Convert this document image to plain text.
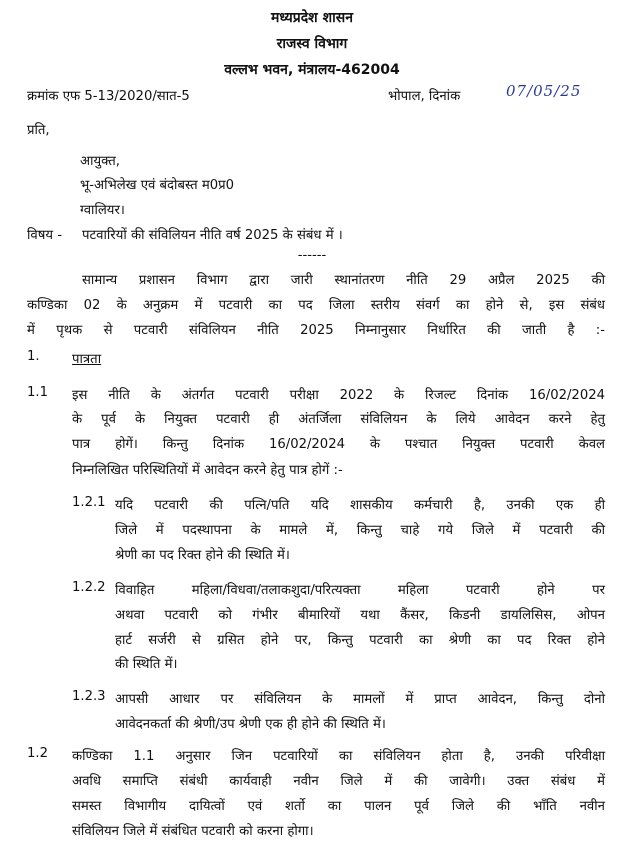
मध्यप्रदेश शासन
राजस्व विभाग
वल्लभ भवन, मंत्रालय-462004
क्रमांक एफ 5-13/2020/सात-5	भोपाल, दिनांक	07/05/25
प्रति,
आयुक्त,
भू-अभिलेख एवं बंदोबस्त म0प्र0
ग्वालियर।
विषय - पटवारियों की संविलियन नीति वर्ष 2025 के संबंध में ।
------
सामान्य प्रशासन विभाग द्वारा जारी स्थानांतरण नीति 29 अप्रैल 2025 की
कण्डिका 02 के अनुक्रम में पटवारी का पद जिला स्तरीय संवर्ग का होने से, इस संबंध
में पृथक से पटवारी संविलियन नीति 2025 निम्नानुसार निर्धारित की जाती है :-
1. पात्रता
1.1 इस नीति के अंतर्गत पटवारी परीक्षा 2022 के रिजल्ट दिनांक 16/02/2024
के पूर्व के नियुक्त पटवारी ही अंतर्जिला संविलियन के लिये आवेदन करने हेतु
पात्र होगें। किन्तु दिनांक 16/02/2024 के पश्चात नियुक्त पटवारी केवल
निम्नलिखित परिस्थितियों में आवेदन करने हेतु पात्र होगें :-
1.2.1 यदि पटवारी की पत्नि/पति यदि शासकीय कर्मचारी है, उनकी एक ही
जिले में पदस्थापना के मामले में, किन्तु चाहे गये जिले में पटवारी की
श्रेणी का पद रिक्त होने की स्थिति में।
1.2.2 विवाहित महिला/विधवा/तलाकशुदा/परित्यक्ता महिला पटवारी होने पर
अथवा पटवारी को गंभीर बीमारियों यथा कैंसर, किडनी डायलिसिस, ओपन
हार्ट सर्जरी से ग्रसित होने पर, किन्तु पटवारी का श्रेणी का पद रिक्त होने
की स्थिति में।
1.2.3 आपसी आधार पर संविलियन के मामलों में प्राप्त आवेदन, किन्तु दोनो
आवेदनकर्ता की श्रेणी/उप श्रेणी एक ही होने की स्थिति में।
1.2 कण्डिका 1.1 अनुसार जिन पटवारियों का संविलियन होता है, उनकी परिवीक्षा
अवधि समाप्ति संबंधी कार्यवाही नवीन जिले में की जावेगी। उक्त संबंध में
समस्त विभागीय दायित्वों एवं शर्तो का पालन पूर्व जिले की भाँति नवीन
संविलियन जिले में संबंधित पटवारी को करना होगा।
